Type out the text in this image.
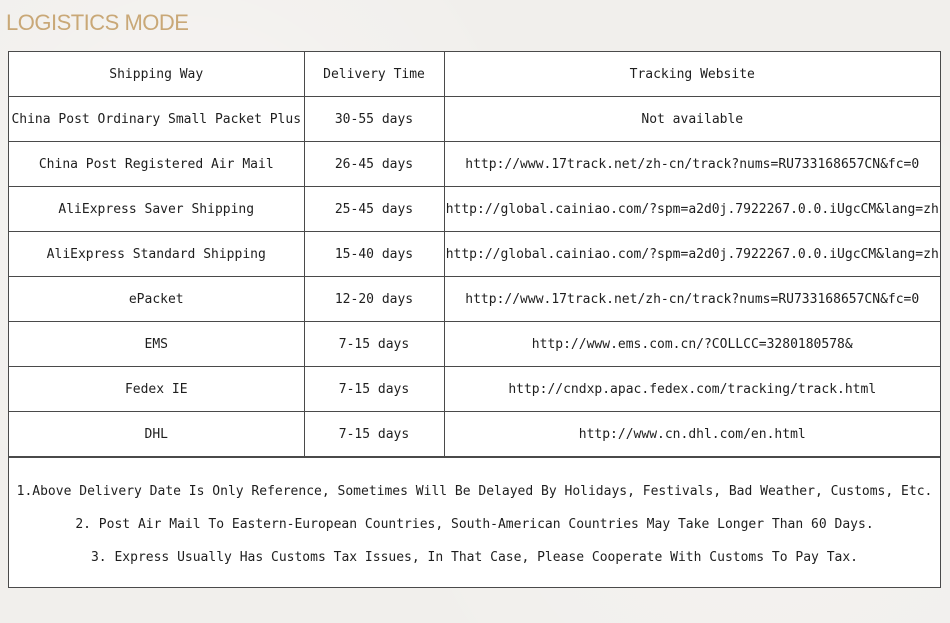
LOGISTICS MODE
Shipping Way	Delivery Time	Tracking Website
China Post Ordinary Small Packet Plus	30-55 days	Not available
China Post Registered Air Mail	26-45 days	http://www.17track.net/zh-cn/track?nums=RU733168657CN&fc=0
AliExpress Saver Shipping	25-45 days	http://global.cainiao.com/?spm=a2d0j.7922267.0.0.iUgcCM&lang=zh
AliExpress Standard Shipping	15-40 days	http://global.cainiao.com/?spm=a2d0j.7922267.0.0.iUgcCM&lang=zh
ePacket	12-20 days	http://www.17track.net/zh-cn/track?nums=RU733168657CN&fc=0
EMS	7-15 days	http://www.ems.com.cn/?COLLCC=3280180578&
Fedex IE	7-15 days	http://cndxp.apac.fedex.com/tracking/track.html
DHL	7-15 days	http://www.cn.dhl.com/en.html

1.Above Delivery Date Is Only Reference, Sometimes Will Be Delayed By Holidays, Festivals, Bad Weather, Customs, Etc.

2. Post Air Mail To Eastern-European Countries, South-American Countries May Take Longer Than 60 Days.

3. Express Usually Has Customs Tax Issues, In That Case, Please Cooperate With Customs To Pay Tax.
